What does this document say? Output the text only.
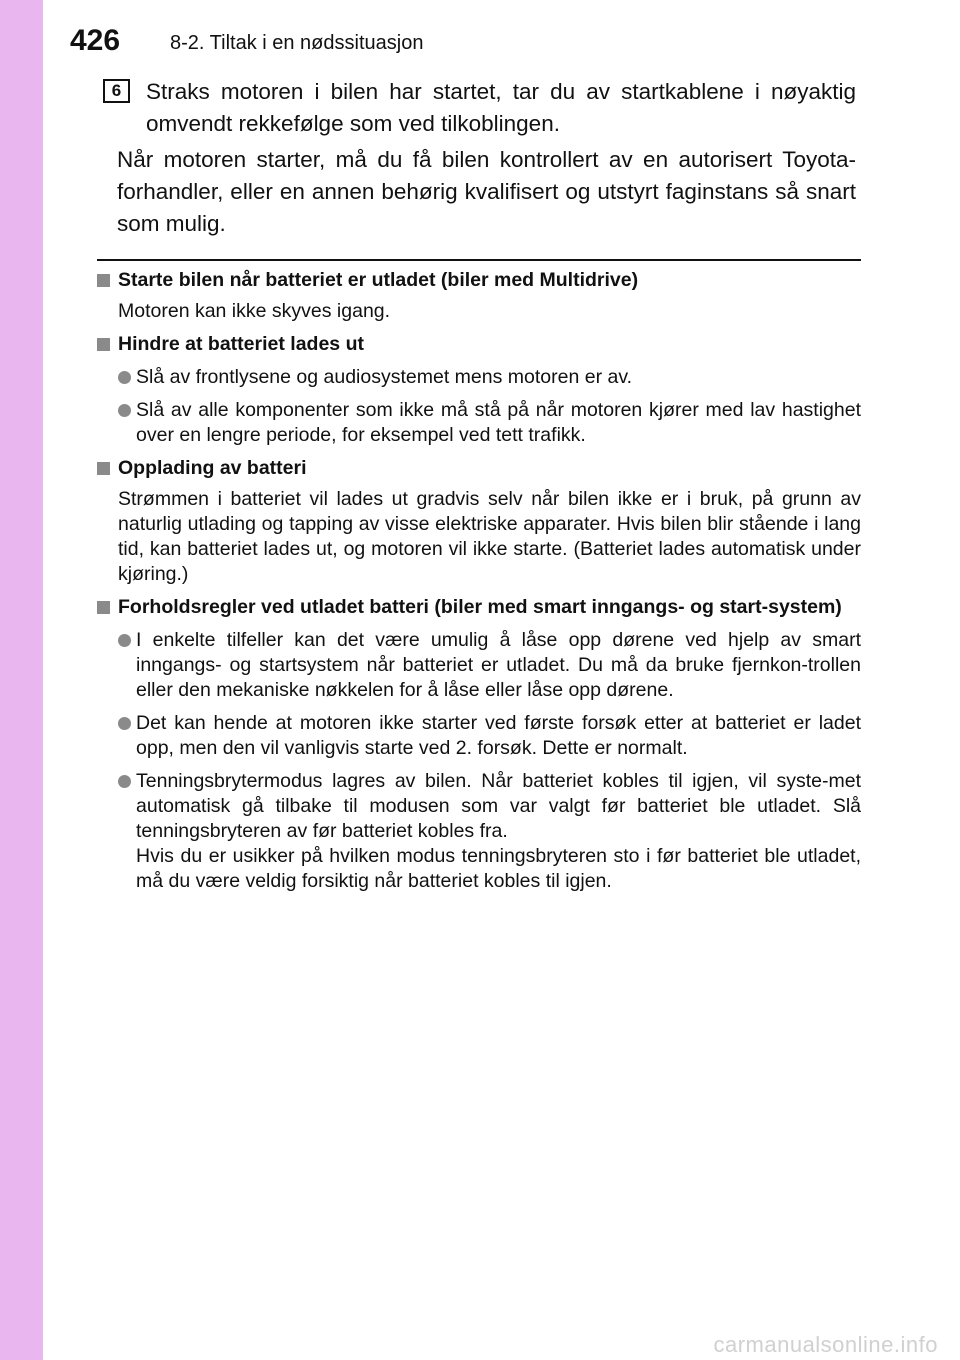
426 8-2. Tiltak i en nødssituasjon
6	Straks motoren i bilen har startet, tar du av startkablene i nøyaktig omvendt rekkefølge som ved tilkoblingen.
Når motoren starter, må du få bilen kontrollert av en autorisert Toyota-forhandler, eller en annen behørig kvalifisert og utstyrt faginstans så snart som mulig.
Starte bilen når batteriet er utladet (biler med Multidrive)
Motoren kan ikke skyves igang.
Hindre at batteriet lades ut
Slå av frontlysene og audiosystemet mens motoren er av.
Slå av alle komponenter som ikke må stå på når motoren kjører med lav hastighet over en lengre periode, for eksempel ved tett trafikk.
Opplading av batteri
Strømmen i batteriet vil lades ut gradvis selv når bilen ikke er i bruk, på grunn av naturlig utlading og tapping av visse elektriske apparater. Hvis bilen blir stående i lang tid, kan batteriet lades ut, og motoren vil ikke starte. (Batteriet lades automatisk under kjøring.)
Forholdsregler ved utladet batteri (biler med smart inngangs- og start-system)
I enkelte tilfeller kan det være umulig å låse opp dørene ved hjelp av smart inngangs- og startsystem når batteriet er utladet. Du må da bruke fjernkon-trollen eller den mekaniske nøkkelen for å låse eller låse opp dørene.
Det kan hende at motoren ikke starter ved første forsøk etter at batteriet er ladet opp, men den vil vanligvis starte ved 2. forsøk. Dette er normalt.
Tenningsbrytermodus lagres av bilen. Når batteriet kobles til igjen, vil syste-met automatisk gå tilbake til modusen som var valgt før batteriet ble utladet. Slå tenningsbryteren av før batteriet kobles fra.
Hvis du er usikker på hvilken modus tenningsbryteren sto i før batteriet ble utladet, må du være veldig forsiktig når batteriet kobles til igjen.
carmanualsonline.info
